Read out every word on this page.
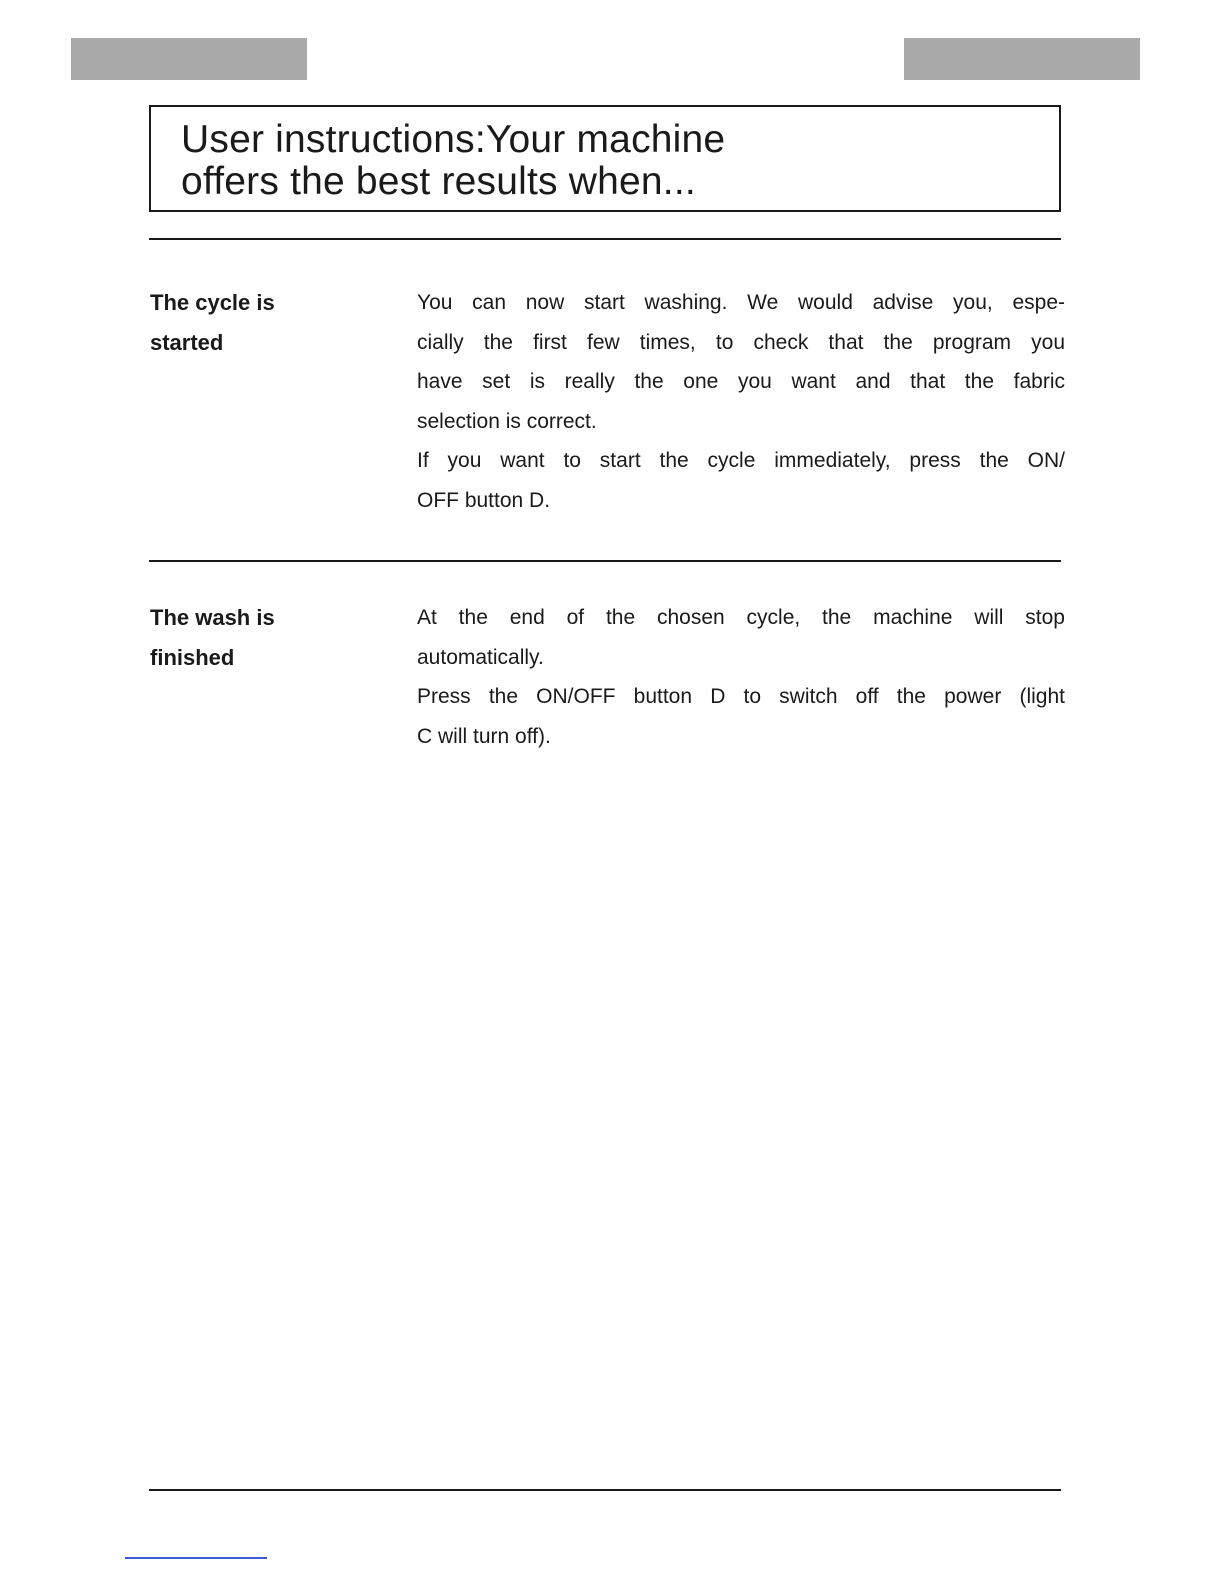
User instructions:Your machine
offers the best results when...
The cycle is
started
You can now start washing. We would advise you, espe-
cially the first few times, to check that the program you
have set is really the one you want and that the fabric
selection is correct.
If you want to start the cycle immediately, press the ON/
OFF button D.
The wash is
finished
At the end of the chosen cycle, the machine will stop
automatically.
Press the ON/OFF button D to switch off the power (light
C will turn off).
